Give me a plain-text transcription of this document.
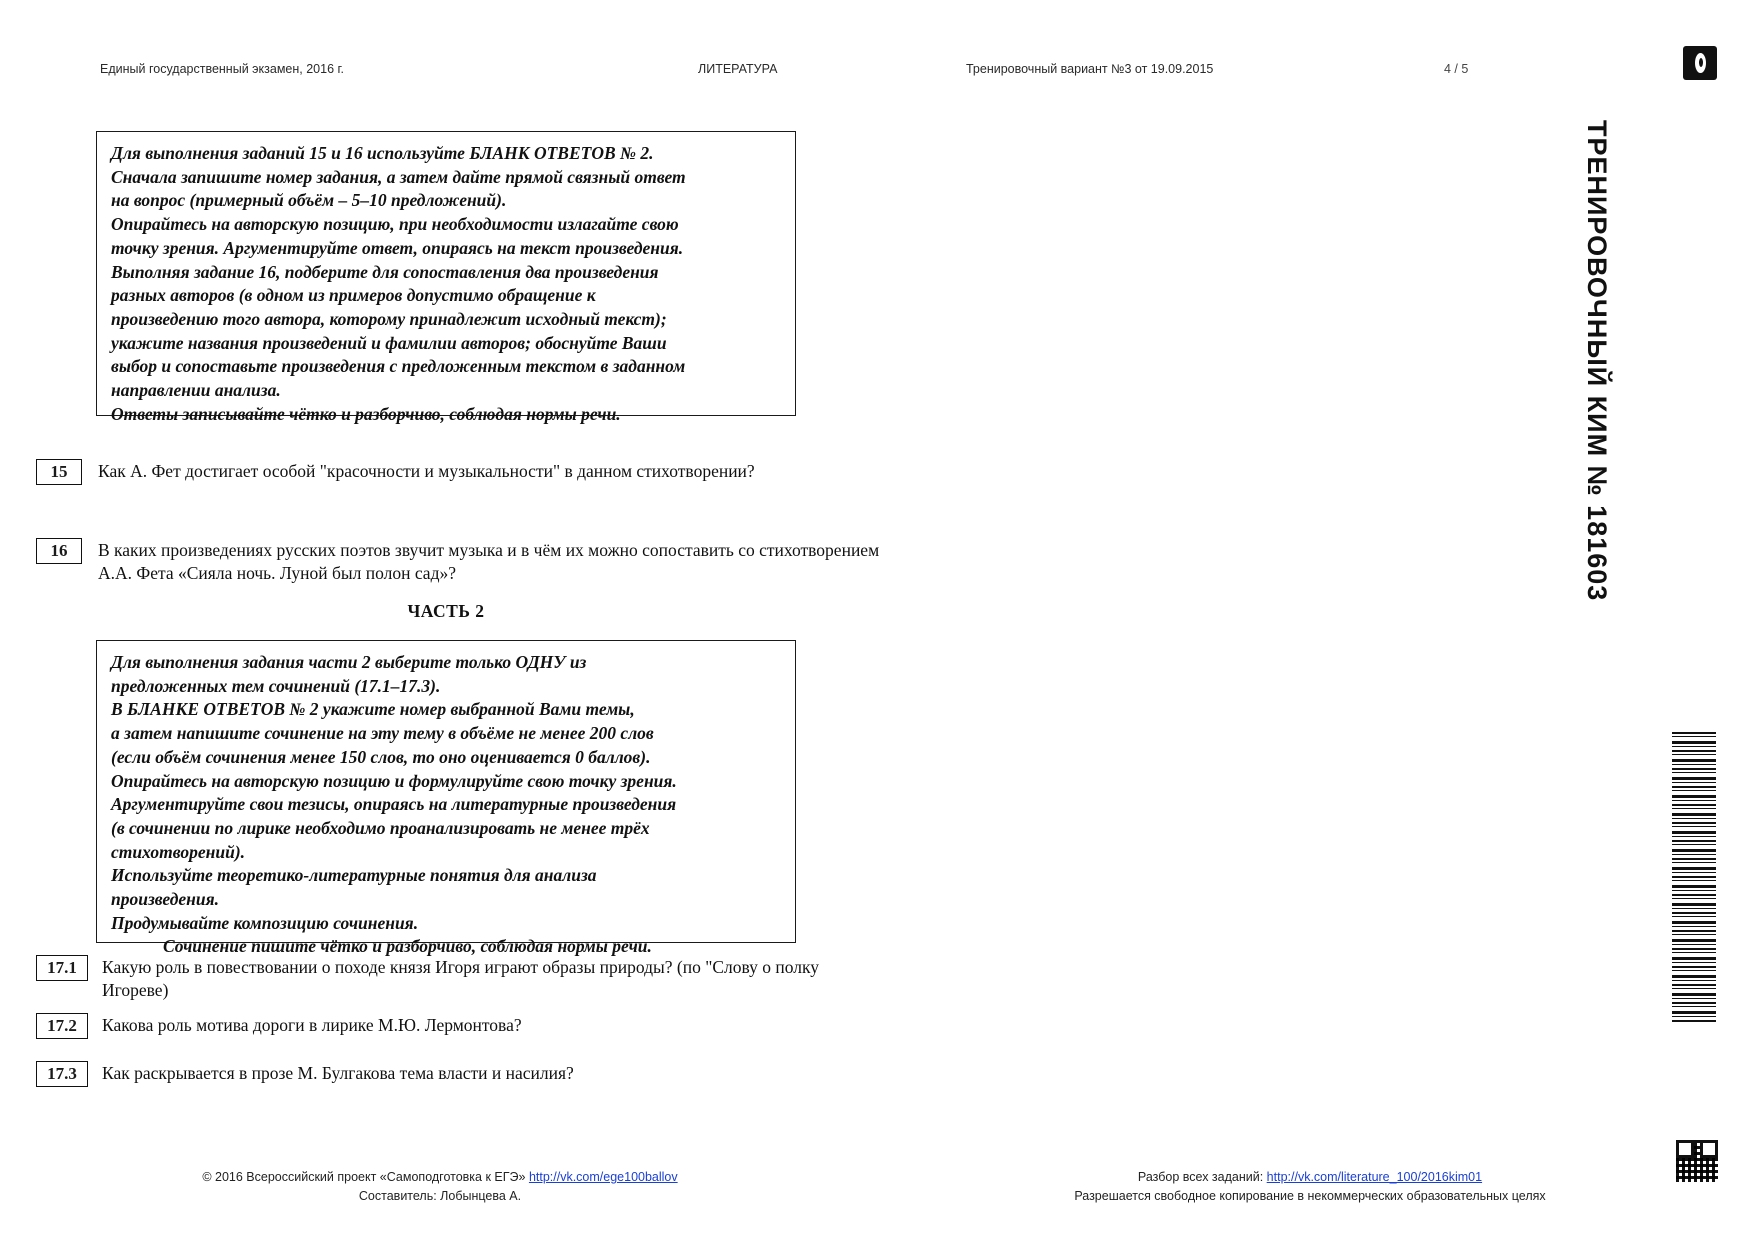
Единый государственный экзамен, 2016 г.	ЛИТЕРАТУРА	Тренировочный вариант №3 от 19.09.2015	4 / 5
ТРЕНИРОВОЧНЫЙ КИМ № 181603

Для выполнения заданий 15 и 16 используйте БЛАНК ОТВЕТОВ № 2.

Сначала запишите номер задания, а затем дайте прямой связный ответ

на вопрос (примерный объём – 5–10 предложений).

Опирайтесь на авторскую позицию, при необходимости излагайте свою

точку зрения. Аргументируйте ответ, опираясь на текст произведения.

Выполняя задание 16, подберите для сопоставления два произведения

разных авторов (в одном из примеров допустимо обращение к

произведению того автора, которому принадлежит исходный текст);

укажите названия произведений и фамилии авторов; обоснуйте Ваши

выбор и сопоставьте произведения с предложенным текстом в заданном

направлении анализа.

Ответы записывайте чётко и разборчиво, соблюдая нормы речи.

15	Как А. Фет достигает особой "красочности и музыкальности" в данном стихотворении?
16	В каких произведениях русских поэтов звучит музыка и в чём их можно сопоставить со стихотворением А.А. Фета «Сияла ночь. Луной был полон сад»?
ЧАСТЬ 2

Для выполнения задания части 2 выберите только ОДНУ из

предложенных тем сочинений (17.1–17.3).

В БЛАНКЕ ОТВЕТОВ № 2 укажите номер выбранной Вами темы,

а затем напишите сочинение на эту тему в объёме не менее 200 слов

(если объём сочинения менее 150 слов, то оно оценивается 0 баллов).

Опирайтесь на авторскую позицию и формулируйте свою точку зрения.

Аргументируйте свои тезисы, опираясь на литературные произведения

(в сочинении по лирике необходимо проанализировать не менее трёх

стихотворений).

Используйте теоретико-литературные понятия для анализа

произведения.

Продумывайте композицию сочинения.

Сочинение пишите чётко и разборчиво, соблюдая нормы речи.

17.1	Какую роль в повествовании о походе князя Игоря играют образы природы? (по "Слову о полку Игореве)
17.2	Какова роль мотива дороги в лирике М.Ю. Лермонтова?
17.3	Как раскрывается в прозе М. Булгакова тема власти и насилия?
© 2016 Всероссийский проект «Самоподготовка к ЕГЭ» http://vk.com/ege100ballov
Составитель: Лобынцева А.
Разбор всех заданий: http://vk.com/literature_100/2016kim01
Разрешается свободное копирование в некоммерческих образовательных целях
